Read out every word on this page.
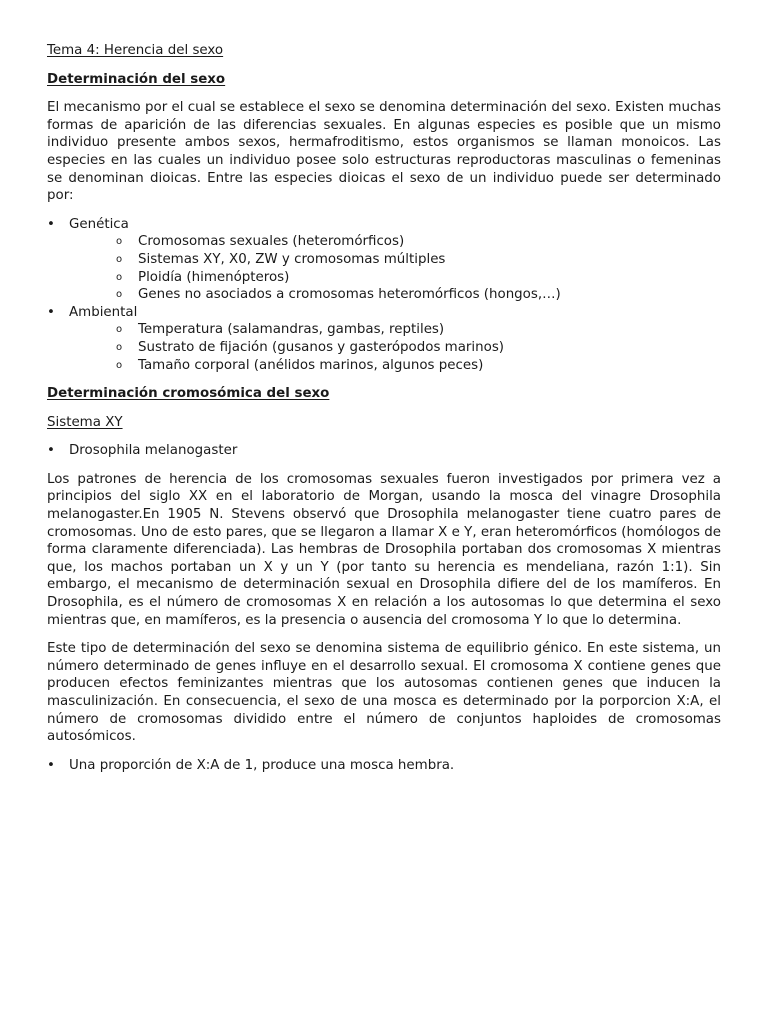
Tema 4: Herencia del sexo

Determinación del sexo

El mecanismo por el cual se establece el sexo se denomina determinación del sexo. Existen muchas formas de aparición de las diferencias sexuales. En algunas especies es posible que un mismo individuo presente ambos sexos, hermafroditismo, estos organismos se llaman monoicos. Las especies en las cuales un individuo posee solo estructuras reproductoras masculinas o femeninas se denominan dioicas. Entre las especies dioicas el sexo de un individuo puede ser determinado por:

• Genética
o Cromosomas sexuales (heteromórficos)
o Sistemas XY, X0, ZW y cromosomas múltiples
o Ploidía (himenópteros)
o Genes no asociados a cromosomas heteromórficos (hongos,…)
• Ambiental
o Temperatura (salamandras, gambas, reptiles)
o Sustrato de fijación (gusanos y gasterópodos marinos)
o Tamaño corporal (anélidos marinos, algunos peces)

Determinación cromosómica del sexo

Sistema XY

• Drosophila melanogaster

Los patrones de herencia de los cromosomas sexuales fueron investigados por primera vez a principios del siglo XX en el laboratorio de Morgan, usando la mosca del vinagre Drosophila melanogaster.En 1905 N. Stevens observó que Drosophila melanogaster tiene cuatro pares de cromosomas. Uno de esto pares, que se llegaron a llamar X e Y, eran heteromórficos (homólogos de forma claramente diferenciada). Las hembras de Drosophila portaban dos cromosomas X mientras que, los machos portaban un X y un Y (por tanto su herencia es mendeliana, razón 1:1). Sin embargo, el mecanismo de determinación sexual en Drosophila difiere del de los mamíferos. En Drosophila, es el número de cromosomas X en relación a los autosomas lo que determina el sexo mientras que, en mamíferos, es la presencia o ausencia del cromosoma Y lo que lo determina.

Este tipo de determinación del sexo se denomina sistema de equilibrio génico. En este sistema, un número determinado de genes influye en el desarrollo sexual. El cromosoma X contiene genes que producen efectos feminizantes mientras que los autosomas contienen genes que inducen la masculinización. En consecuencia, el sexo de una mosca es determinado por la porporcion X:A, el número de cromosomas dividido entre el número de conjuntos haploides de cromosomas autosómicos.

• Una proporción de X:A de 1, produce una mosca hembra.
